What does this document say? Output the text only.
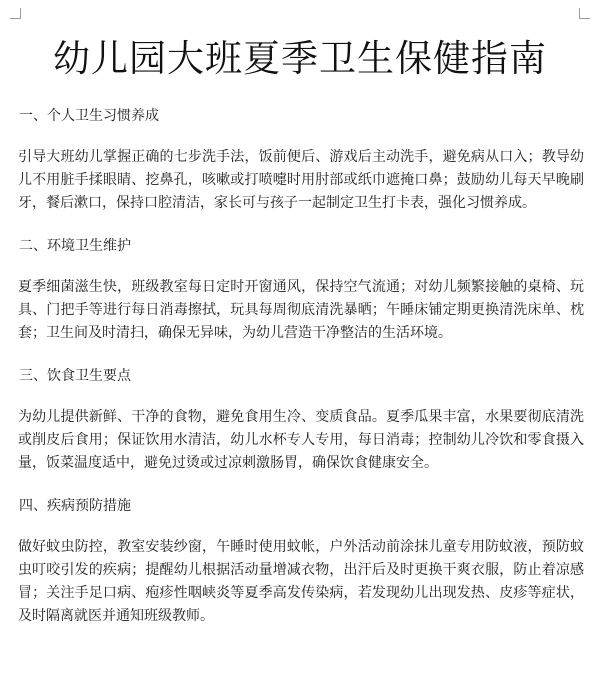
幼儿园大班夏季卫生保健指南
一、个人卫生习惯养成

引导大班幼儿掌握正确的七步洗手法，饭前便后、游戏后主动洗手，避免病从口入；教导幼儿不用脏手揉眼睛、挖鼻孔，咳嗽或打喷嚏时用肘部或纸巾遮掩口鼻；鼓励幼儿每天早晚刷牙，餐后漱口，保持口腔清洁，家长可与孩子一起制定卫生打卡表，强化习惯养成。

二、环境卫生维护

夏季细菌滋生快，班级教室每日定时开窗通风，保持空气流通；对幼儿频繁接触的桌椅、玩具、门把手等进行每日消毒擦拭，玩具每周彻底清洗暴晒；午睡床铺定期更换清洗床单、枕套；卫生间及时清扫，确保无异味，为幼儿营造干净整洁的生活环境。

三、饮食卫生要点

为幼儿提供新鲜、干净的食物，避免食用生冷、变质食品。夏季瓜果丰富，水果要彻底清洗或削皮后食用；保证饮用水清洁，幼儿水杯专人专用，每日消毒；控制幼儿冷饮和零食摄入量，饭菜温度适中，避免过烫或过凉刺激肠胃，确保饮食健康安全。

四、疾病预防措施

做好蚊虫防控，教室安装纱窗，午睡时使用蚊帐，户外活动前涂抹儿童专用防蚊液，预防蚊虫叮咬引发的疾病；提醒幼儿根据活动量增减衣物，出汗后及时更换干爽衣服，防止着凉感冒；关注手足口病、疱疹性咽峡炎等夏季高发传染病，若发现幼儿出现发热、皮疹等症状，及时隔离就医并通知班级教师。
